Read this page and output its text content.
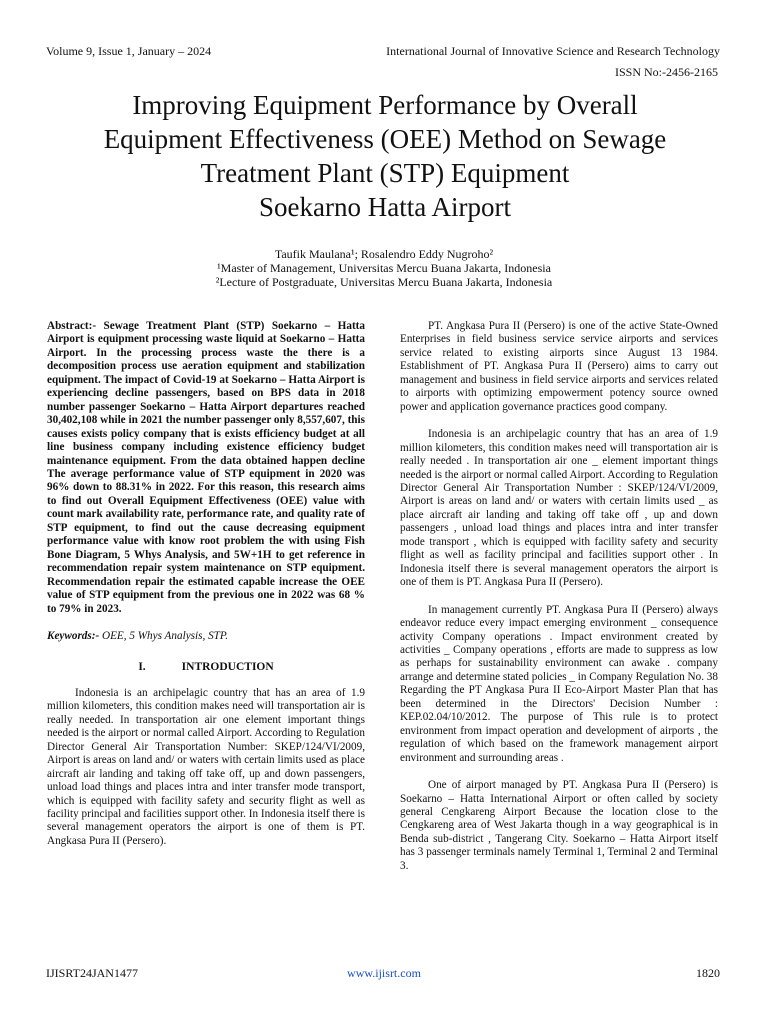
Volume 9, Issue 1, January – 2024	International Journal of Innovative Science and Research Technology
ISSN No:-2456-2165
Improving Equipment Performance by Overall
Equipment Effectiveness (OEE) Method on Sewage
Treatment Plant (STP) Equipment
Soekarno Hatta Airport
Taufik Maulana¹; Rosalendro Eddy Nugroho²
¹Master of Management, Universitas Mercu Buana Jakarta, Indonesia
²Lecture of Postgraduate, Universitas Mercu Buana Jakarta, Indonesia

Abstract:- Sewage Treatment Plant (STP) Soekarno – Hatta Airport is equipment processing waste liquid at Soekarno – Hatta Airport. In the processing process waste the there is a decomposition process use aeration equipment and stabilization equipment. The impact of Covid-19 at Soekarno – Hatta Airport is experiencing decline passengers, based on BPS data in 2018 number passenger Soekarno – Hatta Airport departures reached 30,402,108 while in 2021 the number passenger only 8,557,607, this causes exists policy company that is exists efficiency budget at all line business company including existence efficiency budget maintenance equipment. From the data obtained happen decline The average performance value of STP equipment in 2020 was 96% down to 88.31% in 2022. For this reason, this research aims to find out Overall Equipment Effectiveness (OEE) value with count mark availability rate, performance rate, and quality rate of STP equipment, to find out the cause decreasing equipment performance value with know root problem the with using Fish Bone Diagram, 5 Whys Analysis, and 5W+1H to get reference in recommendation repair system maintenance on STP equipment. Recommendation repair the estimated capable increase the OEE value of STP equipment from the previous one in 2022 was 68 % to 79% in 2023.

Keywords:- OEE, 5 Whys Analysis, STP.

I.	INTRODUCTION

Indonesia is an archipelagic country that has an area of 1.9 million kilometers, this condition makes need will transportation air is really needed. In transportation air one element important things needed is the airport or normal called Airport. According to Regulation Director General Air Transportation Number: SKEP/124/VI/2009, Airport is areas on land and/ or waters with certain limits used as place aircraft air landing and taking off take off, up and down passengers, unload load things and places intra and inter transfer mode transport, which is equipped with facility safety and security flight as well as facility principal and facilities support other. In Indonesia itself there is several management operators the airport is one of them is PT. Angkasa Pura II (Persero).

PT. Angkasa Pura II (Persero) is one of the active State-Owned Enterprises in field business service service airports and services service related to existing airports since August 13 1984. Establishment of PT. Angkasa Pura II (Persero) aims to carry out management and business in field service airports and services related to airports with optimizing empowerment potency source owned power and application governance practices good company.

Indonesia is an archipelagic country that has an area of 1.9 million kilometers, this condition makes need will transportation air is really needed . In transportation air one _ element important things needed is the airport or normal called Airport. According to Regulation Director General Air Transportation Number : SKEP/124/VI/2009, Airport is areas on land and/ or waters with certain limits used _ as place aircraft air landing and taking off take off , up and down passengers , unload load things and places intra and inter transfer mode transport , which is equipped with facility safety and security flight as well as facility principal and facilities support other . In Indonesia itself there is several management operators the airport is one of them is PT. Angkasa Pura II (Persero).

In management currently PT. Angkasa Pura II (Persero) always endeavor reduce every impact emerging environment _ consequence activity Company operations . Impact environment created by activities _ Company operations , efforts are made to suppress as low as perhaps for sustainability environment can awake . company arrange and determine stated policies _ in Company Regulation No. 38 Regarding the PT Angkasa Pura II Eco-Airport Master Plan that has been determined in the Directors' Decision Number : KEP.02.04/10/2012. The purpose of This rule is to protect environment from impact operation and development of airports , the regulation of which based on the framework management airport environment and surrounding areas .

One of airport managed by PT. Angkasa Pura II (Persero) is Soekarno – Hatta International Airport or often called by society general Cengkareng Airport Because the location close to the Cengkareng area of West Jakarta though in a way geographical is in Benda sub-district , Tangerang City. Soekarno – Hatta Airport itself has 3 passenger terminals namely Terminal 1, Terminal 2 and Terminal 3.

IJISRT24JAN1477	www.ijisrt.com	1820
